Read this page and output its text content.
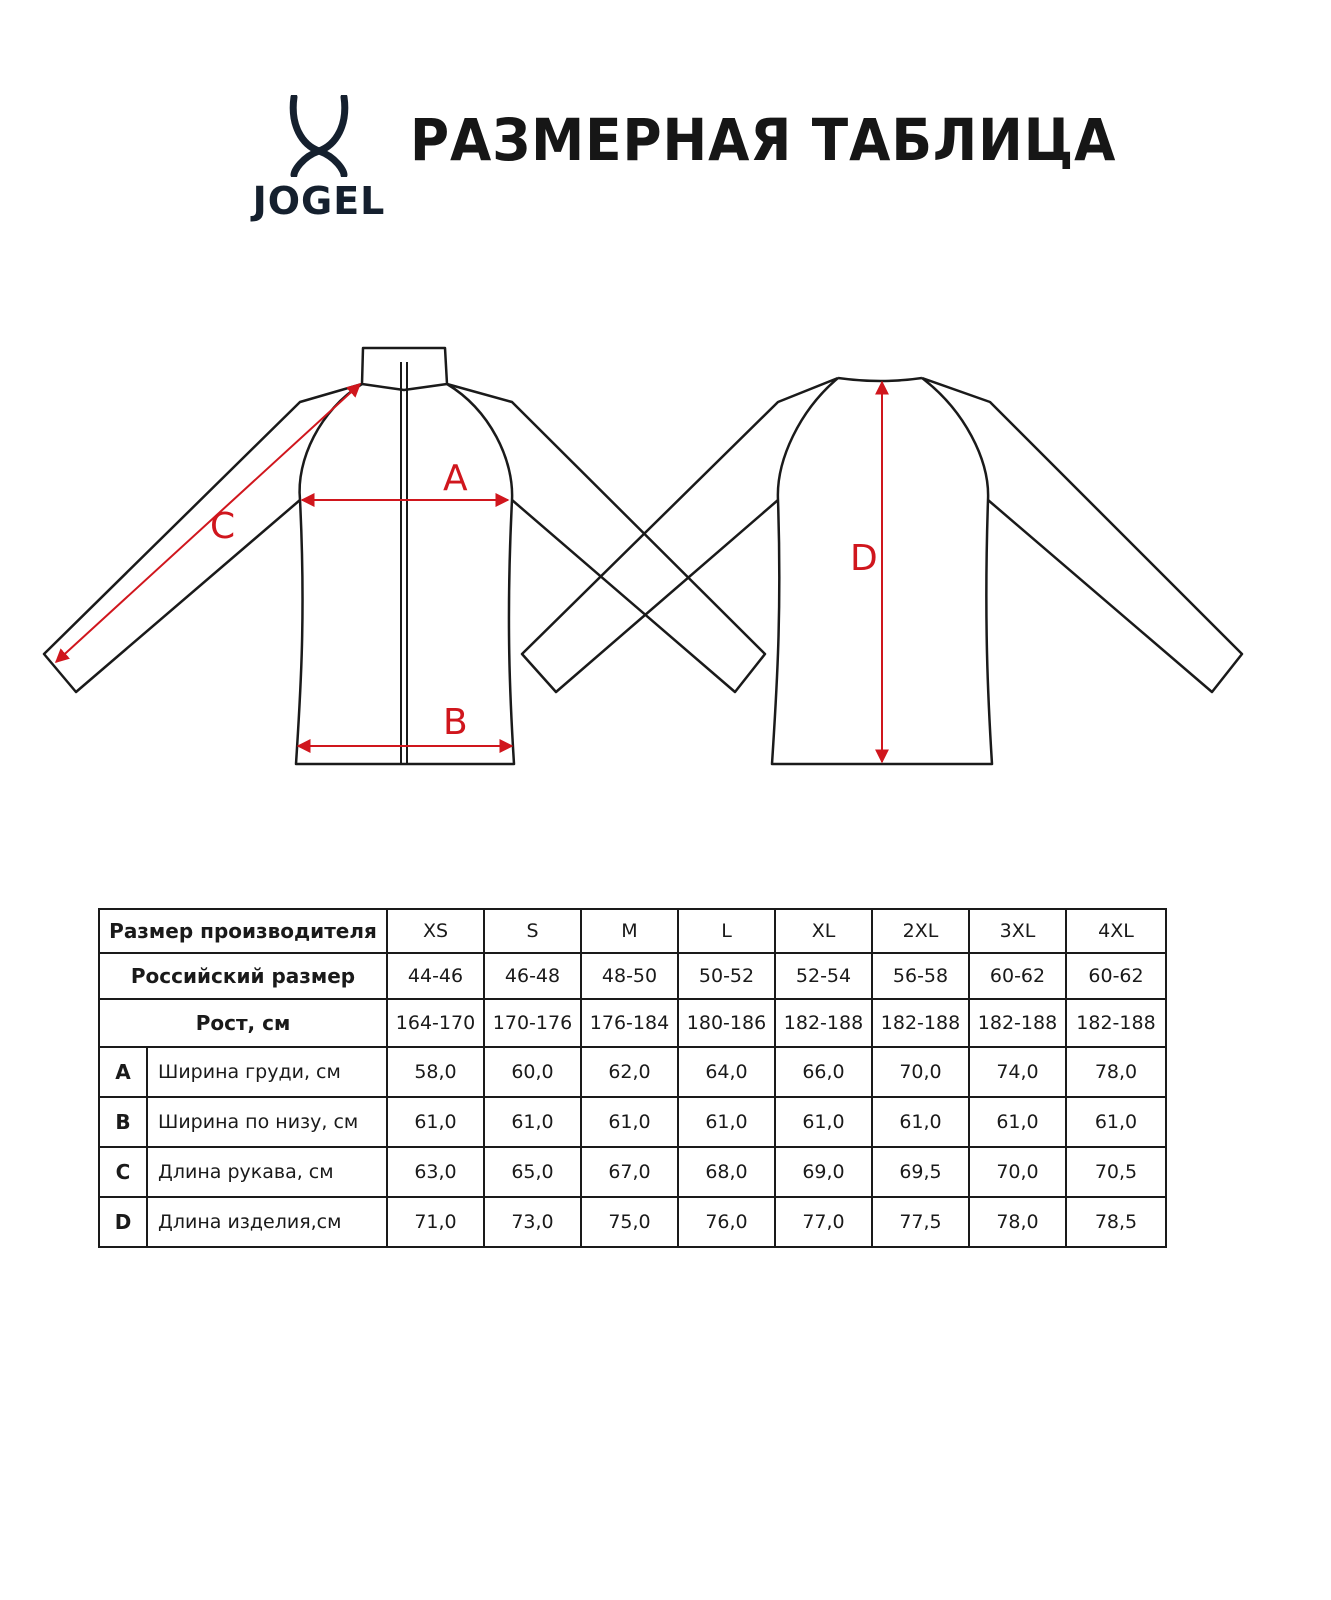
JOGEL
РАЗМЕРНАЯ ТАБЛИЦА
A
B
C
D
Размер производителя		XS	S	M	L	XL	2XL	3XL	4XL
Российский размер		44-46	46-48	48-50	50-52	52-54	56-58	60-62	60-62
Рост, см		164-170	170-176	176-184	180-186	182-188	182-188	182-188	182-188
A	Ширина груди, см	58,0	60,0	62,0	64,0	66,0	70,0	74,0	78,0
B	Ширина по низу, см	61,0	61,0	61,0	61,0	61,0	61,0	61,0	61,0
C	Длина рукава, см	63,0	65,0	67,0	68,0	69,0	69,5	70,0	70,5
D	Длина изделия,см	71,0	73,0	75,0	76,0	77,0	77,5	78,0	78,5
